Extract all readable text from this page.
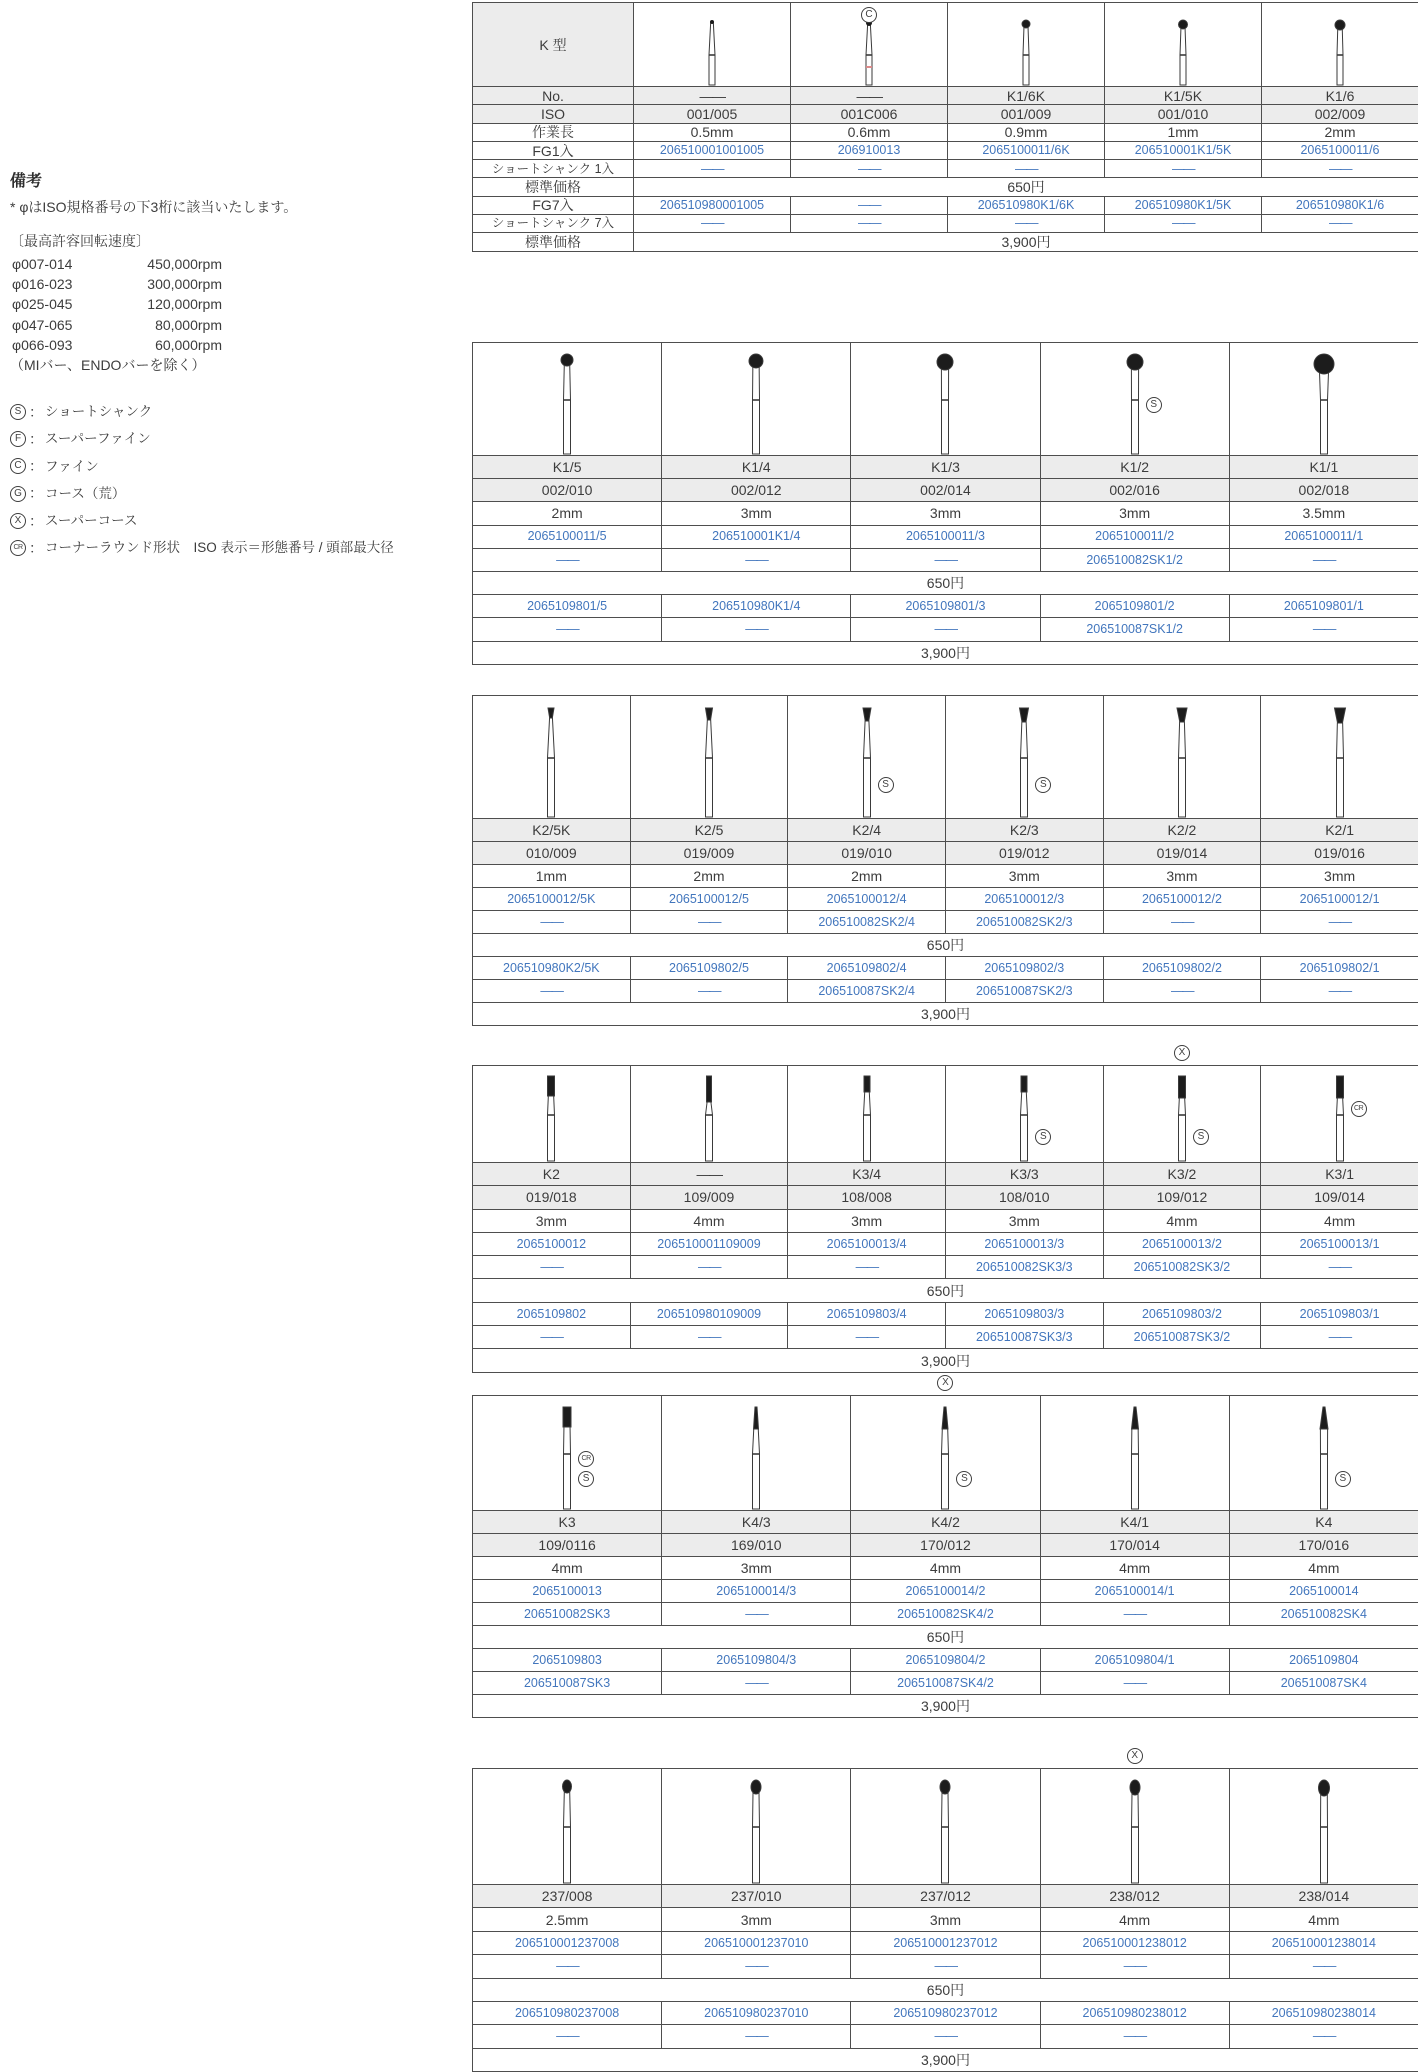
備考

* φはISO規格番号の下3桁に該当いたします。

〔最高許容回転速度〕

φ007-014	450,000rpm
φ016-023	300,000rpm
φ025-045	120,000rpm
φ047-065	80,000rpm
φ066-093	60,000rpm

（MIバー、ENDOバーを除く）

S ： ショートシャンク
F ： スーパーファイン
C ： ファイン
G ： コース（荒）
X ： スーパーコース
CR ： コーナーラウンド形状　ISO 表示＝形態番号 / 頭部最大径
K 型		C

No.	——	——	K1/6K	K1/5K	K1/6
ISO	001/005	001C006	001/009	001/010	002/009
作業長	0.5mm	0.6mm	0.9mm	1mm	2mm
FG1入	206510001001005	206910013	2065100011/6K	206510001K1/5K	2065100011/6
ショートシャンク 1入	——	——	——	——	——
標準価格	650円				
FG7入	206510980001005	——	206510980K1/6K	206510980K1/5K	206510980K1/6
ショートシャンク 7入	——	——	——	——	——
標準価格	3,900円				

S

K1/5	K1/4	K1/3	K1/2	K1/1
002/010	002/012	002/014	002/016	002/018
2mm	3mm	3mm	3mm	3.5mm
2065100011/5	206510001K1/4	2065100011/3	2065100011/2	2065100011/1
——	——	——	206510082SK1/2	——
650円				
2065109801/5	206510980K1/4	2065109801/3	2065109801/2	2065109801/1
——	——	——	206510087SK1/2	——
3,900円				

S	S

K2/5K	K2/5	K2/4	K2/3	K2/2	K2/1
010/009	019/009	019/010	019/012	019/014	019/016
1mm	2mm	2mm	3mm	3mm	3mm
2065100012/5K	2065100012/5	2065100012/4	2065100012/3	2065100012/2	2065100012/1
——	——	206510082SK2/4	206510082SK2/3	——	——
650円					
206510980K2/5K	2065109802/5	2065109802/4	2065109802/3	2065109802/2	2065109802/1
——	——	206510087SK2/4	206510087SK2/3	——	——
3,900円					

S	X
S	CR

K2	——	K3/4	K3/3	K3/2	K3/1
019/018	109/009	108/008	108/010	109/012	109/014
3mm	4mm	3mm	3mm	4mm	4mm
2065100012	206510001109009	2065100013/4	2065100013/3	2065100013/2	2065100013/1
——	——	——	206510082SK3/3	206510082SK3/2	——
650円					
2065109802	206510980109009	2065109803/4	2065109803/3	2065109803/2	2065109803/1
——	——	——	206510087SK3/3	206510087SK3/2	——
3,900円					
CR
S		X
S		S

K3	K4/3	K4/2	K4/1	K4
109/0116	169/010	170/012	170/014	170/016
4mm	3mm	4mm	4mm	4mm
2065100013	2065100014/3	2065100014/2	2065100014/1	2065100014
206510082SK3	——	206510082SK4/2	——	206510082SK4
650円				
2065109803	2065109804/3	2065109804/2	2065109804/1	2065109804
206510087SK3	——	206510087SK4/2	——	206510087SK4
3,900円				

X

237/008	237/010	237/012	238/012	238/014
2.5mm	3mm	3mm	4mm	4mm
206510001237008	206510001237010	206510001237012	206510001238012	206510001238014
——	——	——	——	——
650円				
206510980237008	206510980237010	206510980237012	206510980238012	206510980238014
——	——	——	——	——
3,900円				
